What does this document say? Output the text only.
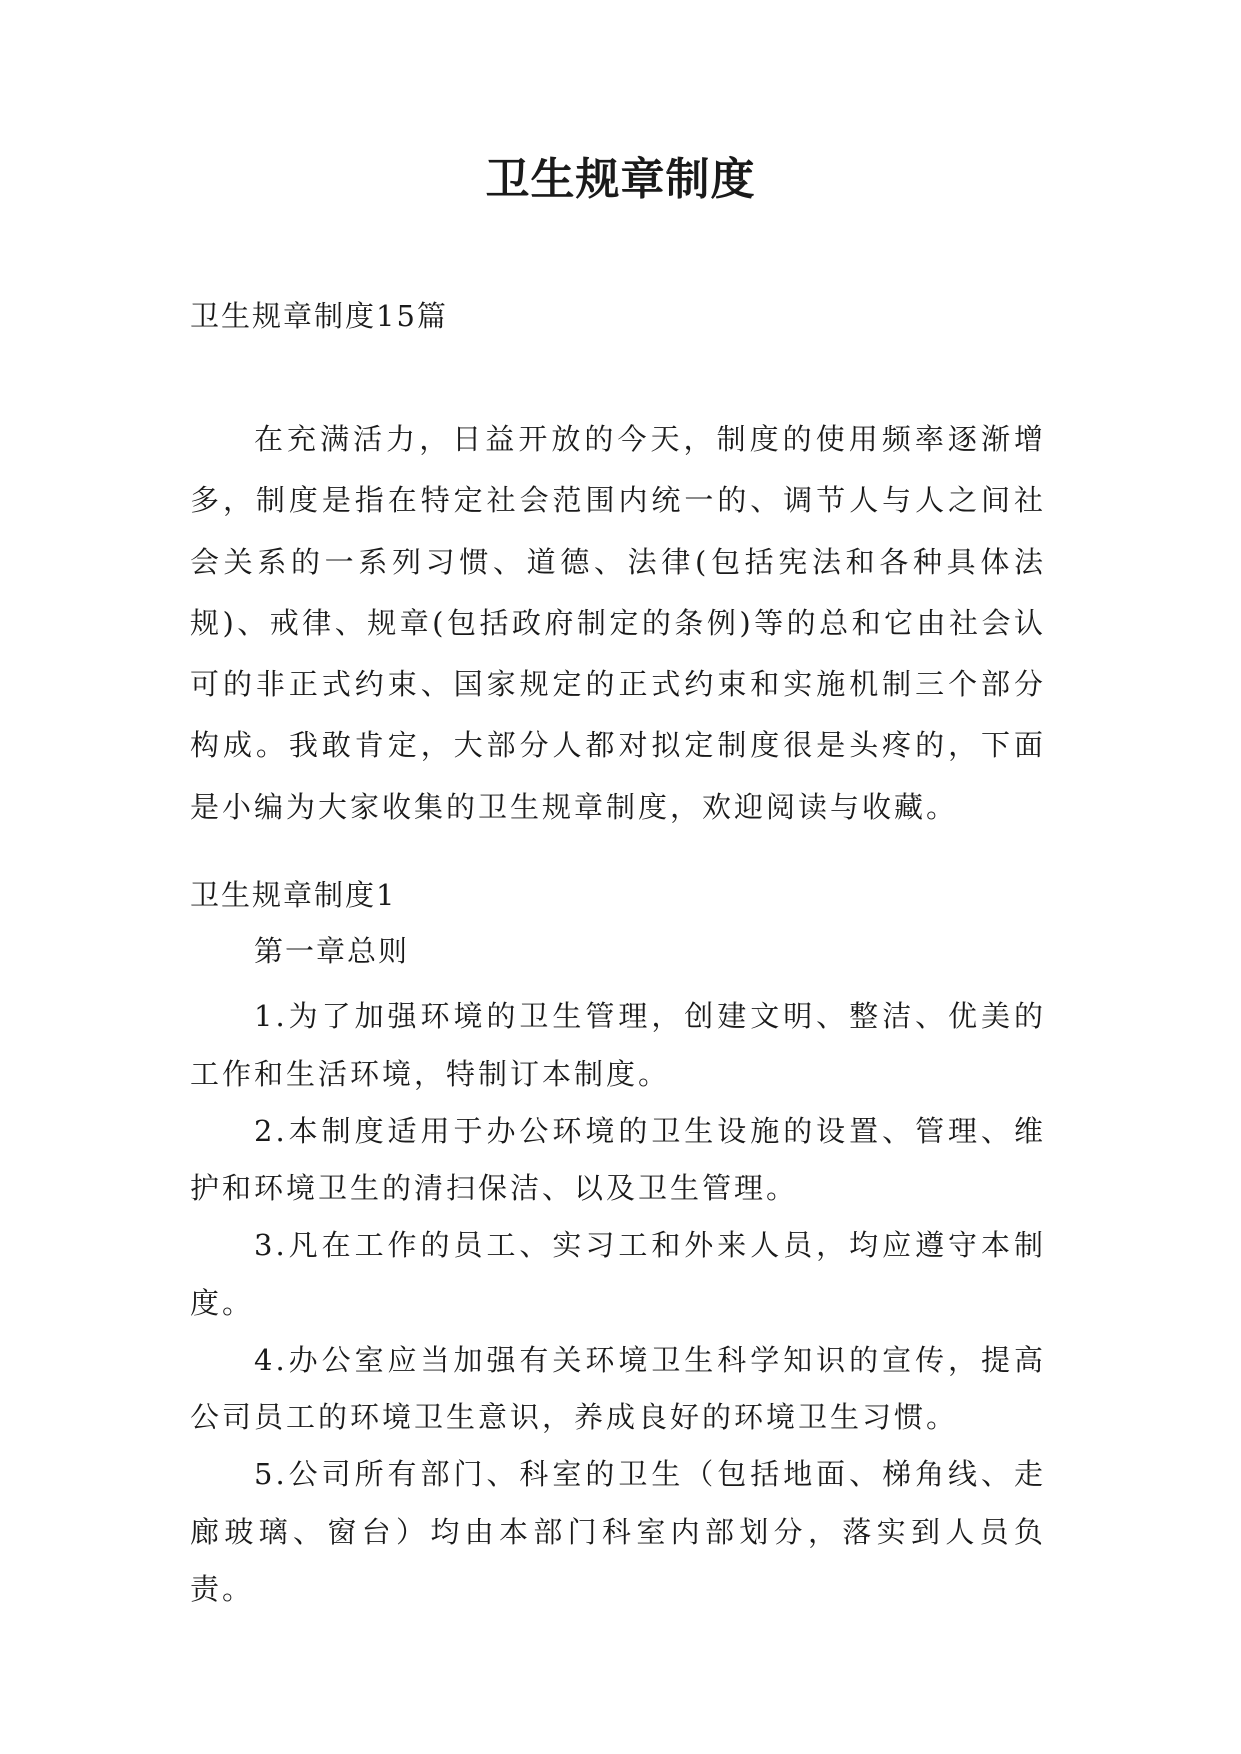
卫生规章制度
卫生规章制度15篇

在充满活力，日益开放的今天，制度的使用频率逐渐增多，制度是指在特定社会范围内统一的、调节人与人之间社会关系的一系列习惯、道德、法律(包括宪法和各种具体法规)、戒律、规章(包括政府制定的条例)等的总和它由社会认可的非正式约束、国家规定的正式约束和实施机制三个部分构成。我敢肯定，大部分人都对拟定制度很是头疼的，下面是小编为大家收集的卫生规章制度，欢迎阅读与收藏。

卫生规章制度1
第一章总则

1.为了加强环境的卫生管理，创建文明、整洁、优美的工作和生活环境，特制订本制度。

2.本制度适用于办公环境的卫生设施的设置、管理、维护和环境卫生的清扫保洁、以及卫生管理。

3.凡在工作的员工、实习工和外来人员，均应遵守本制度。

4.办公室应当加强有关环境卫生科学知识的宣传，提高公司员工的环境卫生意识，养成良好的环境卫生习惯。

5.公司所有部门、科室的卫生（包括地面、梯角线、走廊玻璃、窗台）均由本部门科室内部划分，落实到人员负责。
